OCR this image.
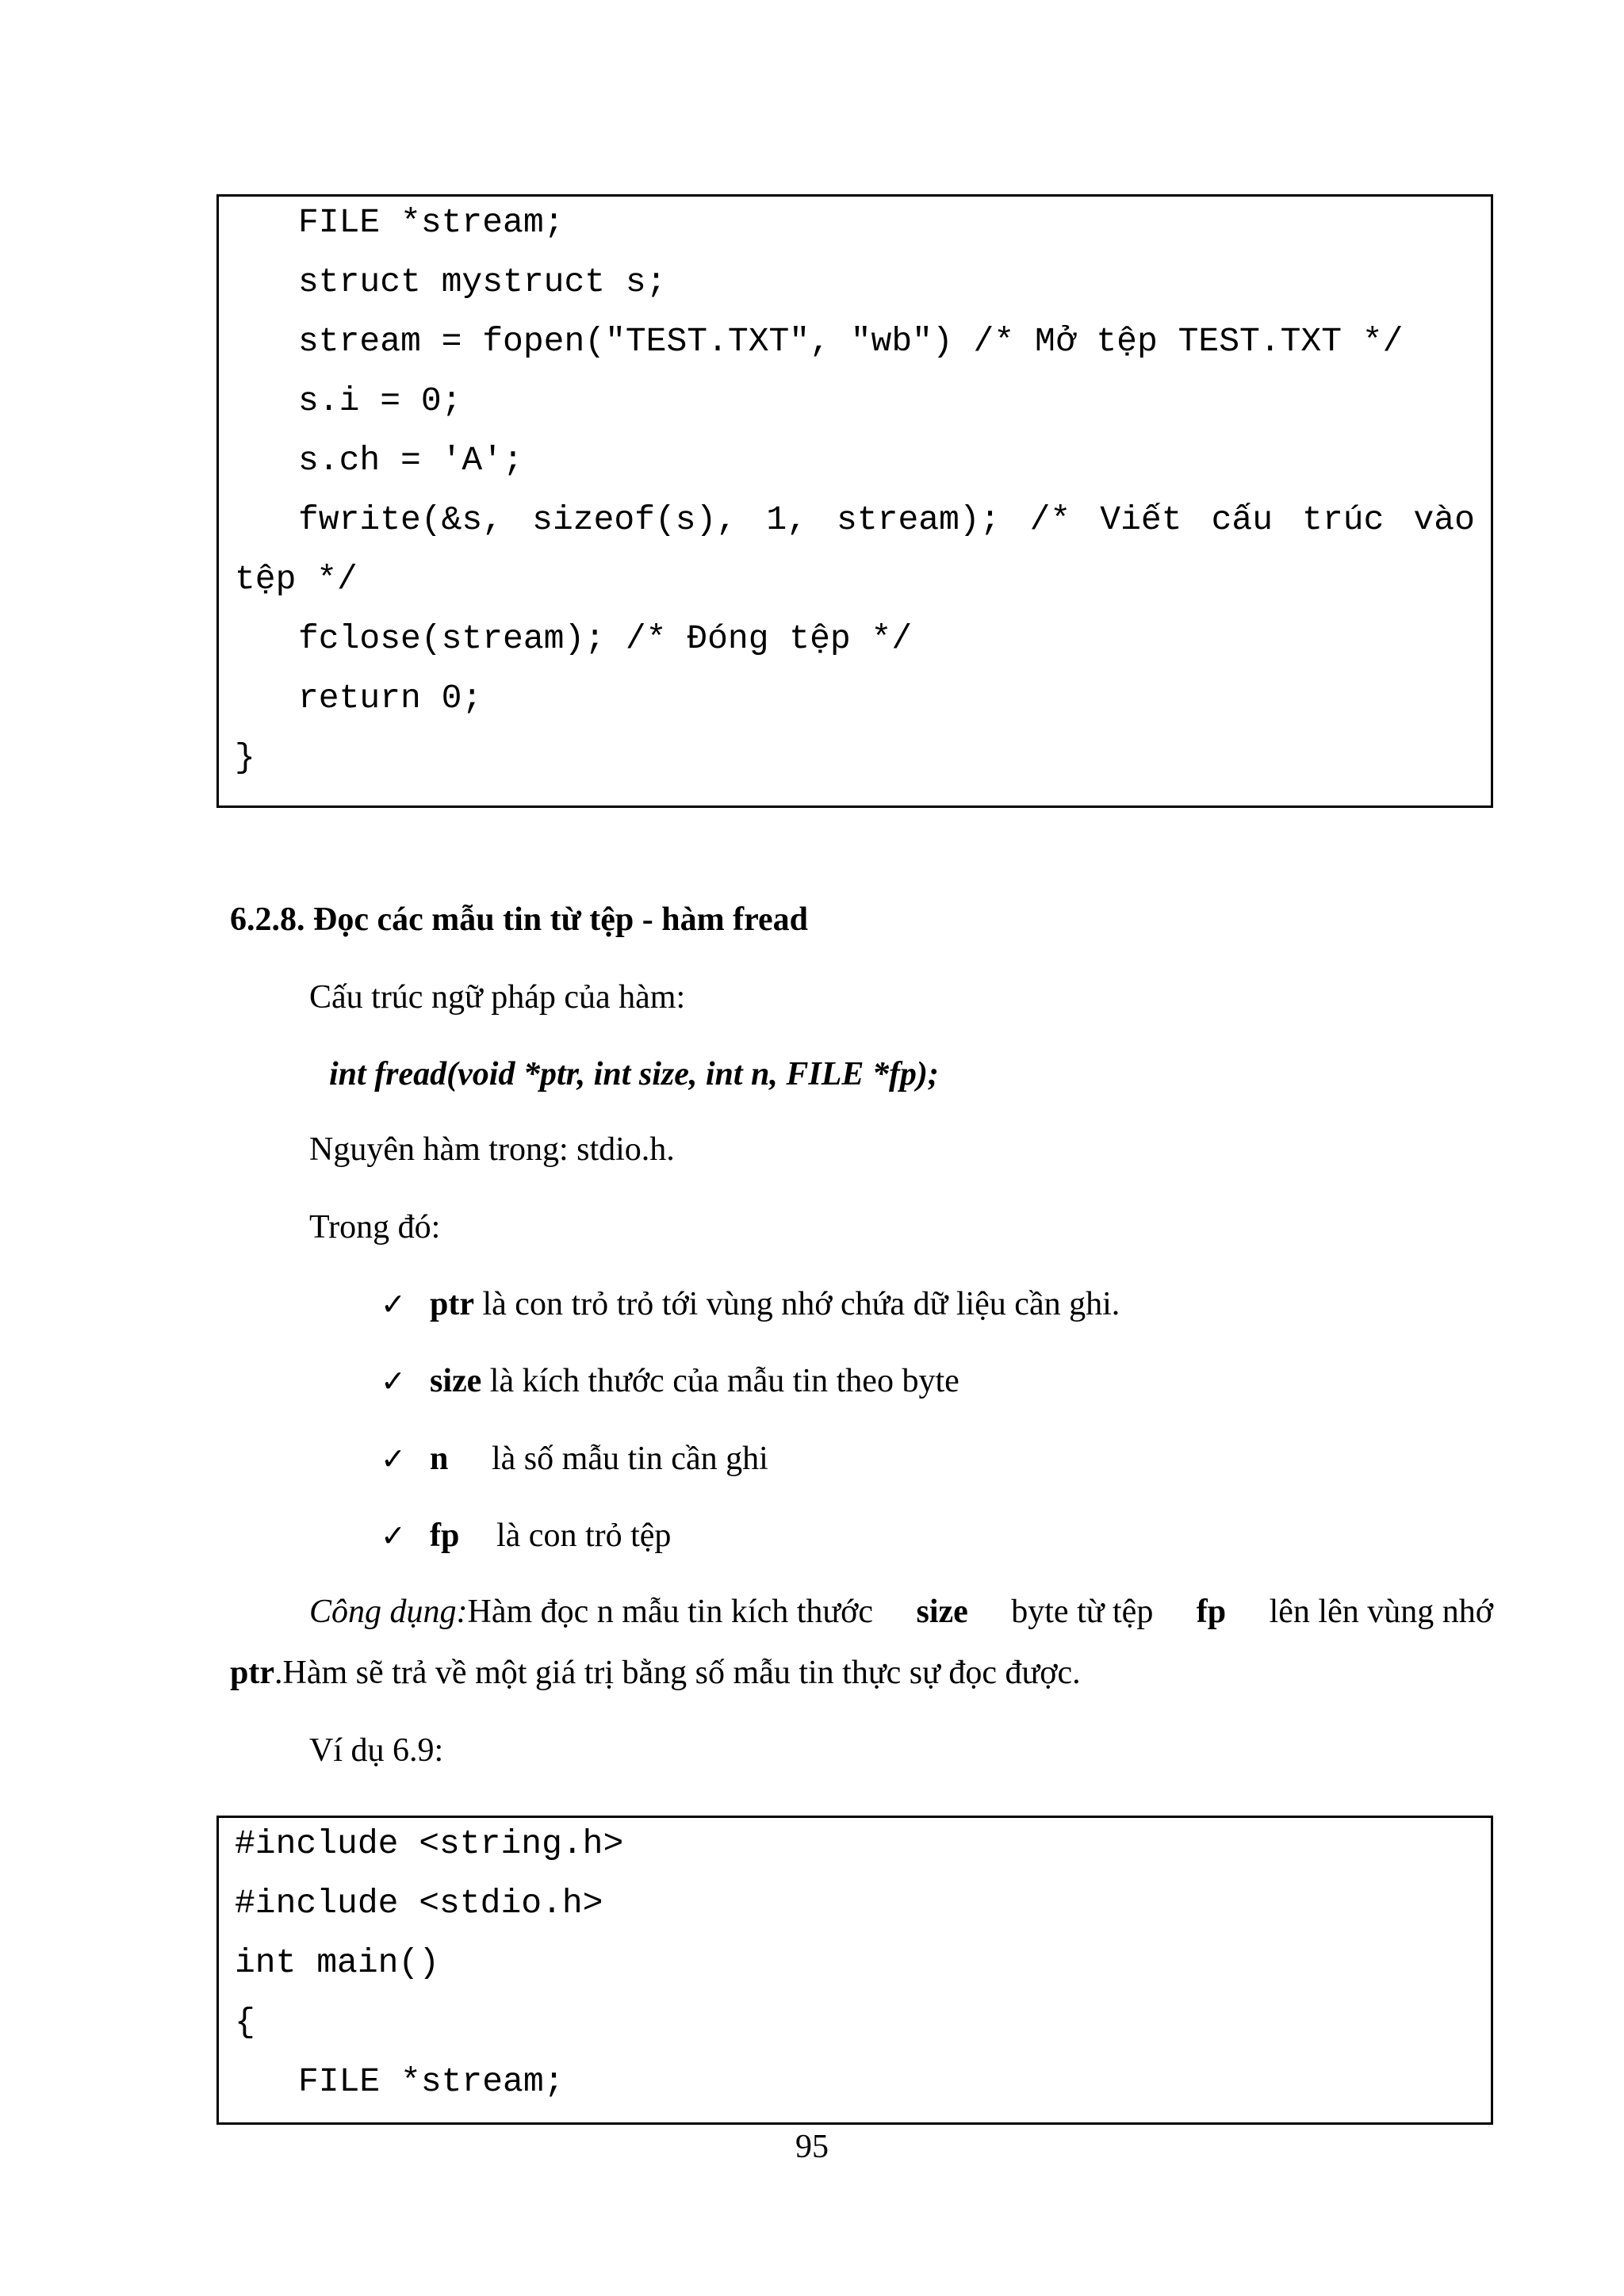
FILE *stream;
struct mystruct s;
stream = fopen("TEST.TXT", "wb") /* Mở tệp TEST.TXT */
s.i = 0;
s.ch = 'A';
fwrite(&s, sizeof(s), 1, stream); /* Viết cấu trúc vào
tệp */
fclose(stream); /* Đóng tệp */
return 0;
}
6.2.8. Đọc các mẫu tin từ tệp - hàm fread
Cấu trúc ngữ pháp của hàm:
int fread(void *ptr, int size, int n, FILE *fp);
Nguyên hàm trong: stdio.h.
Trong đó:
✓ ptr là con trỏ trỏ tới vùng nhớ chứa dữ liệu cần ghi.
✓ size là kích thước của mẫu tin theo byte
✓ n là số mẫu tin cần ghi
✓ fp là con trỏ tệp
Công dụng:Hàm đọc n mẫu tin kích thước size byte từ tệp fp lên lên vùng nhớ
ptr.Hàm sẽ trả về một giá trị bằng số mẫu tin thực sự đọc được.
Ví dụ 6.9:
#include <string.h>
#include <stdio.h>
int main()
{
FILE *stream;
95
